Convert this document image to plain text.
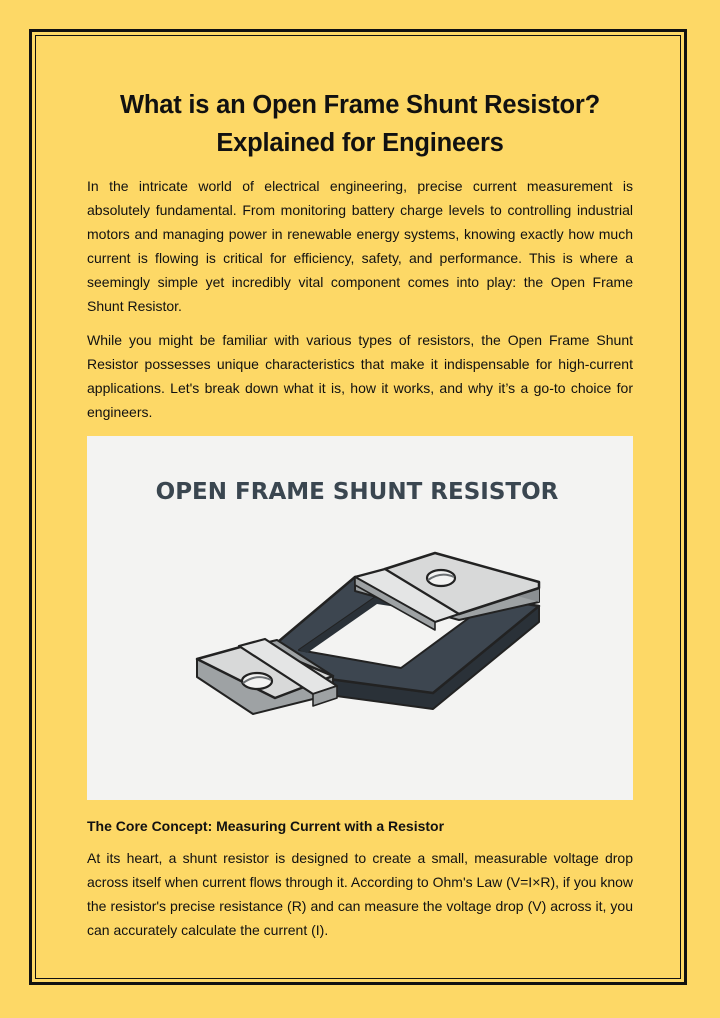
What is an Open Frame Shunt Resistor?
Explained for Engineers

In the intricate world of electrical engineering, precise current measurement is absolutely fundamental. From monitoring battery charge levels to controlling industrial motors and managing power in renewable energy systems, knowing exactly how much current is flowing is critical for efficiency, safety, and performance. This is where a seemingly simple yet incredibly vital component comes into play: the Open Frame Shunt Resistor.

While you might be familiar with various types of resistors, the Open Frame Shunt Resistor possesses unique characteristics that make it indispensable for high-current applications. Let's break down what it is, how it works, and why it’s a go-to choice for engineers.

OPEN FRAME SHUNT RESISTOR
The Core Concept: Measuring Current with a Resistor

At its heart, a shunt resistor is designed to create a small, measurable voltage drop across itself when current flows through it. According to Ohm's Law (V=I×R), if you know the resistor's precise resistance (R) and can measure the voltage drop (V) across it, you can accurately calculate the current (I).
